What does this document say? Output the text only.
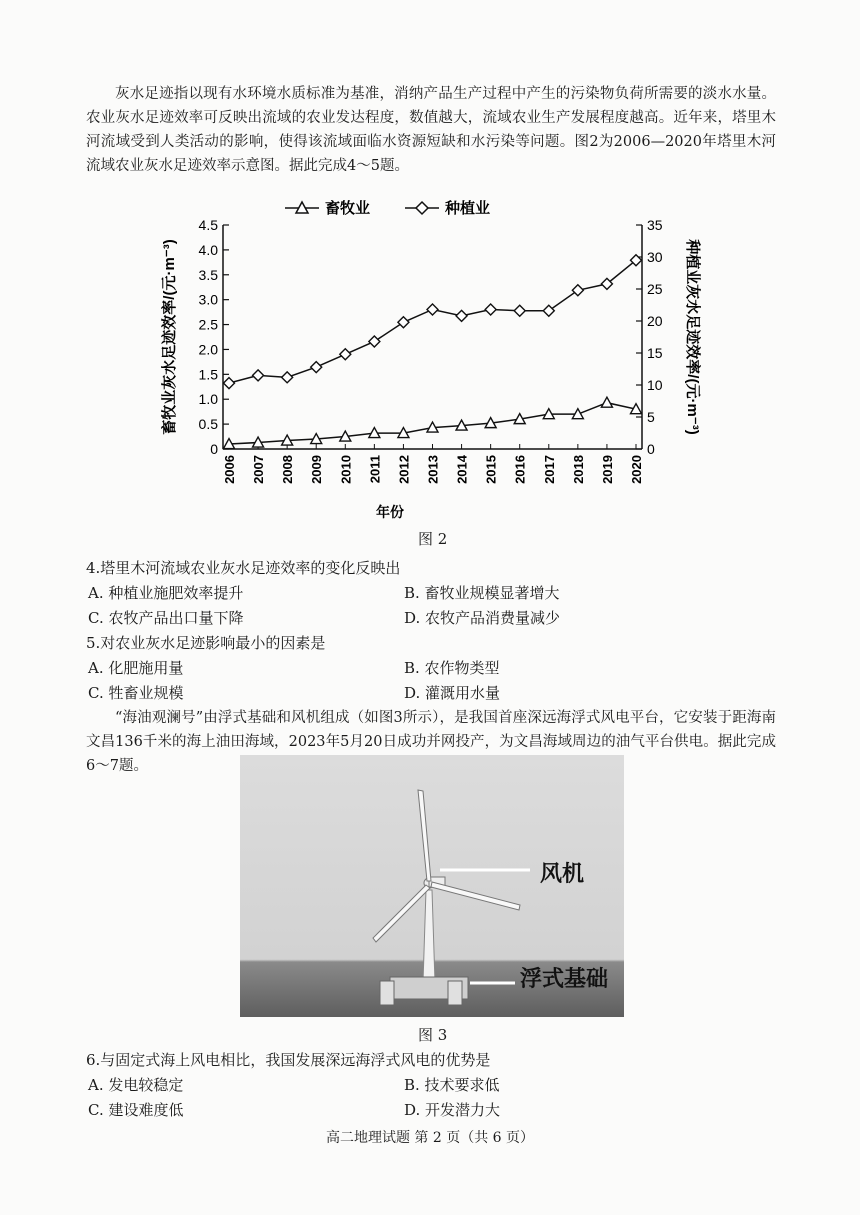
灰水足迹指以现有水环境水质标准为基准，消纳产品生产过程中产生的污染物负荷所需要的淡水水量。农业灰水足迹效率可反映出流域的农业发达程度，数值越大，流域农业生产发展程度越高。近年来，塔里木河流域受到人类活动的影响，使得该流域面临水资源短缺和水污染等问题。图2为2006—2020年塔里木河流域农业灰水足迹效率示意图。据此完成4～5题。

0
0.5
1.0
1.5
2.0
2.5
3.0
3.5
4.0
4.5
0
5
10
15
20
25
30
35
2006 2007 2008 2009 2010 2011 2012 2013 2014 2015 2016 2017 2018 2019 2020
年份
畜牧业灰水足迹效率/(元·m⁻³)	种植业灰水足迹效率/(元·m⁻³)
畜牧业	种植业
图 2
4.塔里木河流域农业灰水足迹效率的变化反映出
A. 种植业施肥效率提升	B. 畜牧业规模显著增大
C. 农牧产品出口量下降	D. 农牧产品消费量减少
5.对农业灰水足迹影响最小的因素是
A. 化肥施用量	B. 农作物类型
C. 牲畜业规模	D. 灌溉用水量

“海油观澜号”由浮式基础和风机组成（如图3所示），是我国首座深远海浮式风电平台，它安装于距海南文昌136千米的海上油田海域，2023年5月20日成功并网投产，为文昌海域周边的油气平台供电。据此完成6～7题。

风机
浮式基础
图 3
6.与固定式海上风电相比，我国发展深远海浮式风电的优势是
A. 发电较稳定	B. 技术要求低
C. 建设难度低	D. 开发潜力大
高二地理试题 第 2 页（共 6 页）
